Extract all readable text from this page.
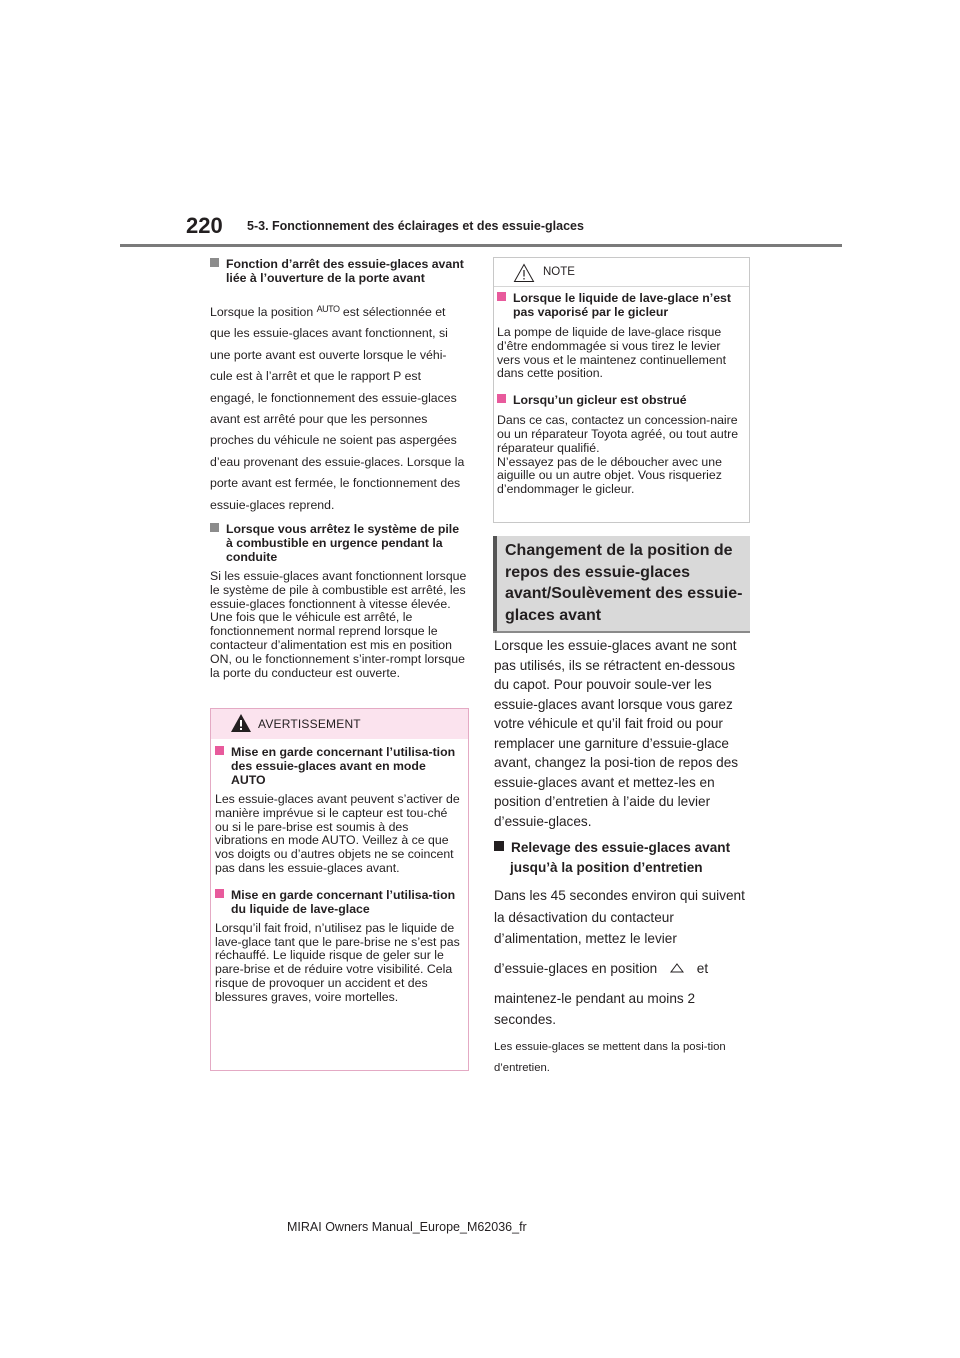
220 5-3. Fonctionnement des éclairages et des essuie-glaces
Fonction d’arrêt des essuie-glaces avant liée à l’ouverture de la porte avant
Lorsque la position $^{AUTO}$ est sélectionnée et
que les essuie-glaces avant fonctionnent, si une porte avant est ouverte lorsque le véhi-cule est à l’arrêt et que le rapport P est engagé, le fonctionnement des essuie-glaces avant est arrêté pour que les personnes proches du véhicule ne soient pas aspergées d’eau provenant des essuie-glaces. Lorsque la porte avant est fermée, le fonctionnement des essuie-glaces reprend.
Lorsque vous arrêtez le système de pile à combustible en urgence pendant la conduite
Si les essuie-glaces avant fonctionnent lorsque le système de pile à combustible est arrêté, les essuie-glaces fonctionnent à vitesse élevée. Une fois que le véhicule est arrêté, le fonctionnement normal reprend lorsque le contacteur d’alimentation est mis en position ON, ou le fonctionnement s’inter-rompt lorsque la porte du conducteur est ouverte.
AVERTISSEMENT
Mise en garde concernant l’utilisa-tion des essuie-glaces avant en mode AUTO
Les essuie-glaces avant peuvent s’activer de manière imprévue si le capteur est tou-ché ou si le pare-brise est soumis à des vibrations en mode AUTO. Veillez à ce que vos doigts ou d’autres objets ne se coincent pas dans les essuie-glaces avant.
Mise en garde concernant l’utilisa-tion du liquide de lave-glace
Lorsqu’il fait froid, n’utilisez pas le liquide de lave-glace tant que le pare-brise ne s’est pas réchauffé. Le liquide risque de geler sur le pare-brise et de réduire votre visibilité. Cela risque de provoquer un accident et des blessures graves, voire mortelles.
NOTE
Lorsque le liquide de lave-glace n’est pas vaporisé par le gicleur
La pompe de liquide de lave-glace risque d’être endommagée si vous tirez le levier vers vous et le maintenez continuellement dans cette position.
Lorsqu’un gicleur est obstrué
Dans ce cas, contactez un concession-naire ou un réparateur Toyota agréé, ou tout autre réparateur qualifié.
N’essayez pas de le déboucher avec une aiguille ou un autre objet. Vous risqueriez d’endommager le gicleur.
Changement de la position de repos des essuie-glaces avant/Soulèvement des essuie-glaces avant
Lorsque les essuie-glaces avant ne sont pas utilisés, ils se rétractent en-dessous du capot. Pour pouvoir soule-ver les essuie-glaces avant lorsque vous garez votre véhicule et qu’il fait froid ou pour remplacer une garniture d’essuie-glace avant, changez la posi-tion de repos des essuie-glaces avant et mettez-les en position d’entretien à l’aide du levier d’essuie-glaces.
Relevage des essuie-glaces avant jusqu’à la position d’entretien
Dans les 45 secondes environ qui suivent la désactivation du contacteur d’alimentation, mettez le levier
d’essuie-glaces en position	et
maintenez-le pendant au moins 2 secondes.
Les essuie-glaces se mettent dans la posi-tion d’entretien.
MIRAI Owners Manual_Europe_M62036_fr
